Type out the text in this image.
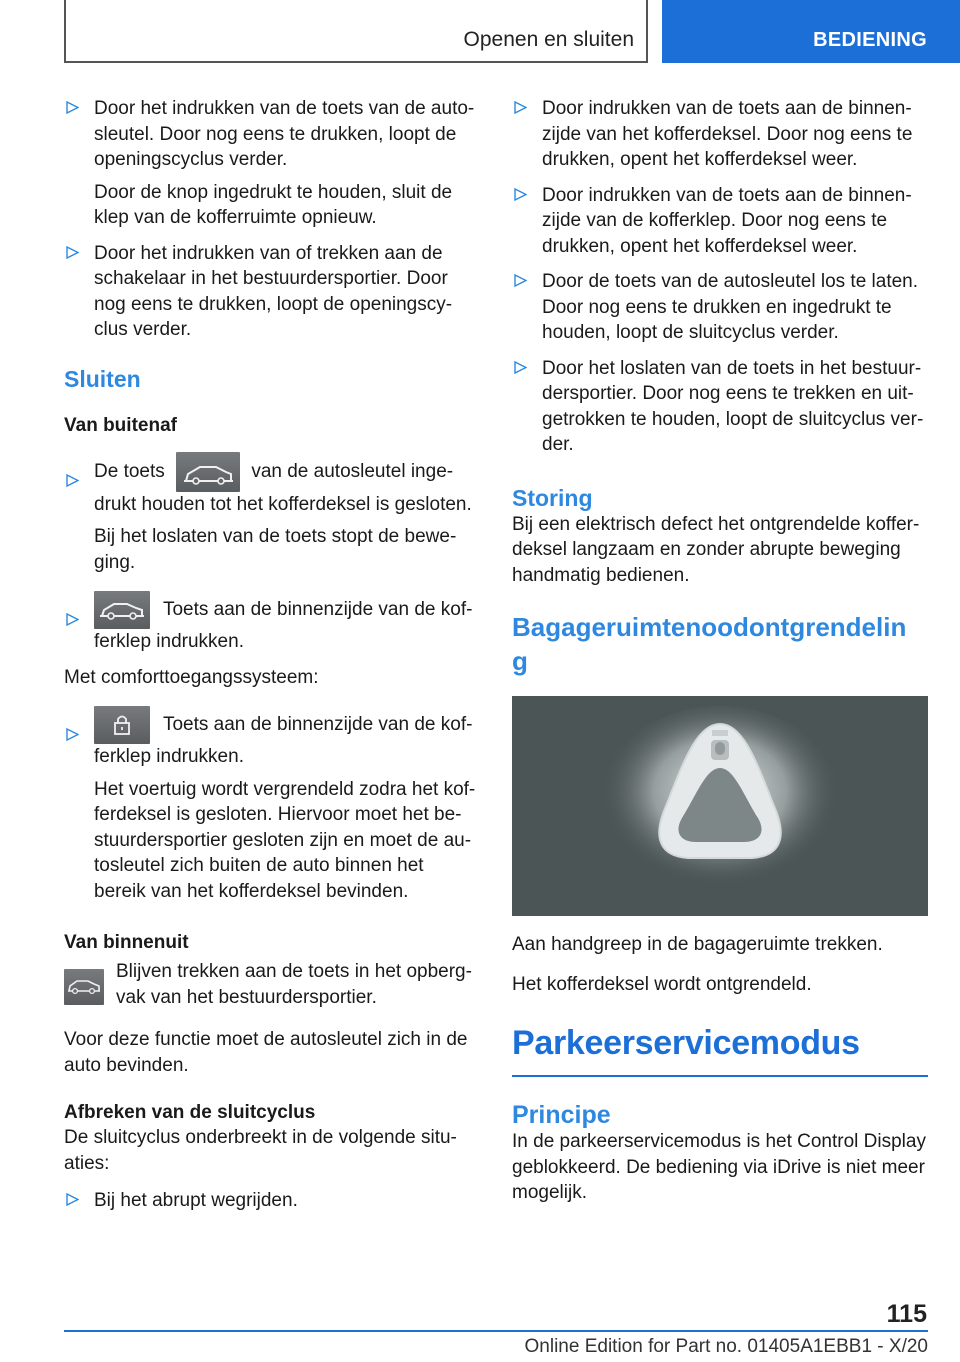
Openen en sluiten	BEDIENING

Door het indrukken van de toets van de auto-sleutel. Door nog eens te drukken, loopt de openingscyclus verder.

Door de knop ingedrukt te houden, sluit de klep van de kofferruimte opnieuw.

Door het indrukken van of trekken aan de schakelaar in het bestuurdersportier. Door nog eens te drukken, loopt de openingscy-clus verder.

Sluiten
Van buitenaf

De toets	van de autosleutel inge-drukt houden tot het kofferdeksel is gesloten.

Bij het loslaten van de toets stopt de bewe-ging.

Toets aan de binnenzijde van de kof-ferklep indrukken.

Met comforttoegangssysteem:

Toets aan de binnenzijde van de kof-ferklep indrukken.

Het voertuig wordt vergrendeld zodra het kof-ferdeksel is gesloten. Hiervoor moet het be-stuurdersportier gesloten zijn en moet de au-tosleutel zich buiten de auto binnen het bereik van het kofferdeksel bevinden.

Van binnenuit

Blijven trekken aan de toets in het opberg-vak van het bestuurdersportier.

Voor deze functie moet de autosleutel zich in de auto bevinden.

Afbreken van de sluitcyclus

De sluitcyclus onderbreekt in de volgende situ-aties:

Bij het abrupt wegrijden.

Door indrukken van de toets aan de binnen-zijde van het kofferdeksel. Door nog eens te drukken, opent het kofferdeksel weer.

Door indrukken van de toets aan de binnen-zijde van de kofferklep. Door nog eens te drukken, opent het kofferdeksel weer.

Door de toets van de autosleutel los te laten. Door nog eens te drukken en ingedrukt te houden, loopt de sluitcyclus verder.

Door het loslaten van de toets in het bestuur-dersportier. Door nog eens te trekken en uit-getrokken te houden, loopt de sluitcyclus ver-der.

Storing

Bij een elektrisch defect het ontgrendelde koffer-deksel langzaam en zonder abrupte beweging handmatig bedienen.

Bagageruimtenoodontgrendelin
g

Aan handgreep in de bagageruimte trekken.

Het kofferdeksel wordt ontgrendeld.

Parkeerservicemodus
Principe

In de parkeerservicemodus is het Control Display geblokkeerd. De bediening via iDrive is niet meer mogelijk.

115
Online Edition for Part no. 01405A1EBB1 - X/20
